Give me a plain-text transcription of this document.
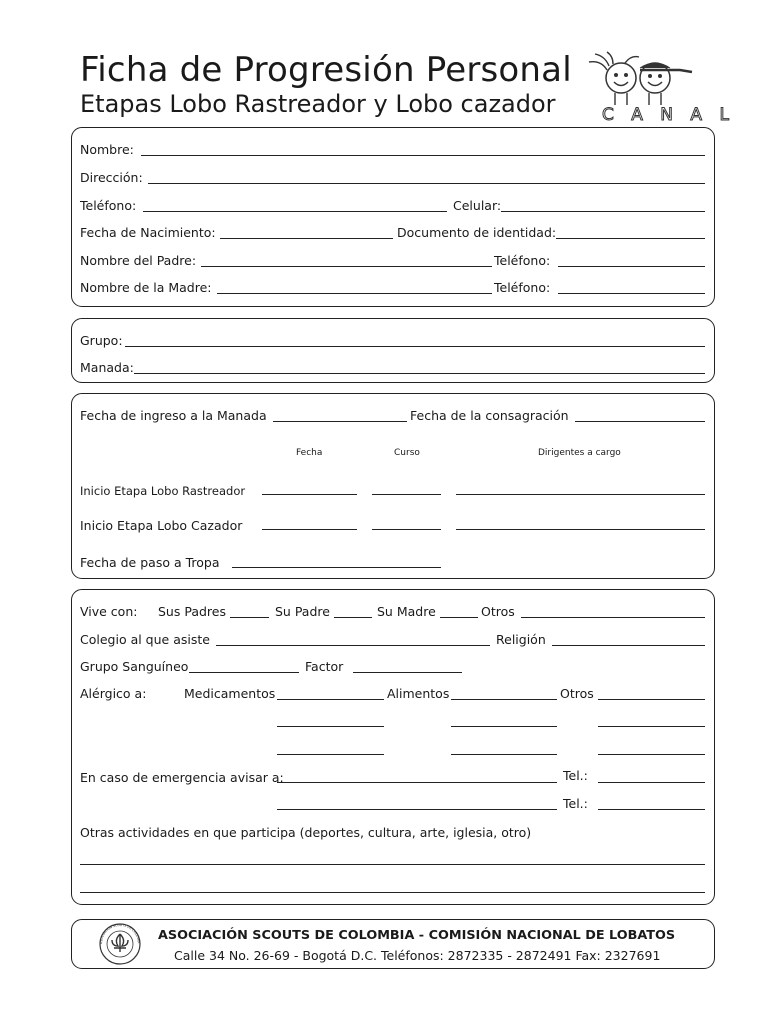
Ficha de Progresión Personal
Etapas Lobo Rastreador y Lobo cazador	C A N A L
Nombre:
Dirección:
Teléfono:	Celular:
Fecha de Nacimiento:	Documento de identidad:
Nombre del Padre:	Teléfono:
Nombre de la Madre:	Teléfono:
Grupo:
Manada:
Fecha de ingreso a la Manada	Fecha de la consagración
Fecha	Curso	Dirigentes a cargo
Inicio Etapa Lobo Rastreador
Inicio Etapa Lobo Cazador
Fecha de paso a Tropa
Vive con: Sus Padres	Su Padre	Su Madre	Otros
Colegio al que asiste	Religión
Grupo Sanguíneo	Factor
Alérgico a:	Medicamentos	Alimentos	Otros
En caso de emergencia avisar a:	Tel.:
Tel.:
Otras actividades en que participa (deportes, cultura, arte, iglesia, otro)
ASOCIACION SCOUTS DE COLOMBI ASOCIACIÓN SCOUTS DE COLOMBIA - COMISIÓN NACIONAL DE LOBATOS
Calle 34 No. 26-69 - Bogotá D.C. Teléfonos: 2872335 - 2872491 Fax: 2327691
